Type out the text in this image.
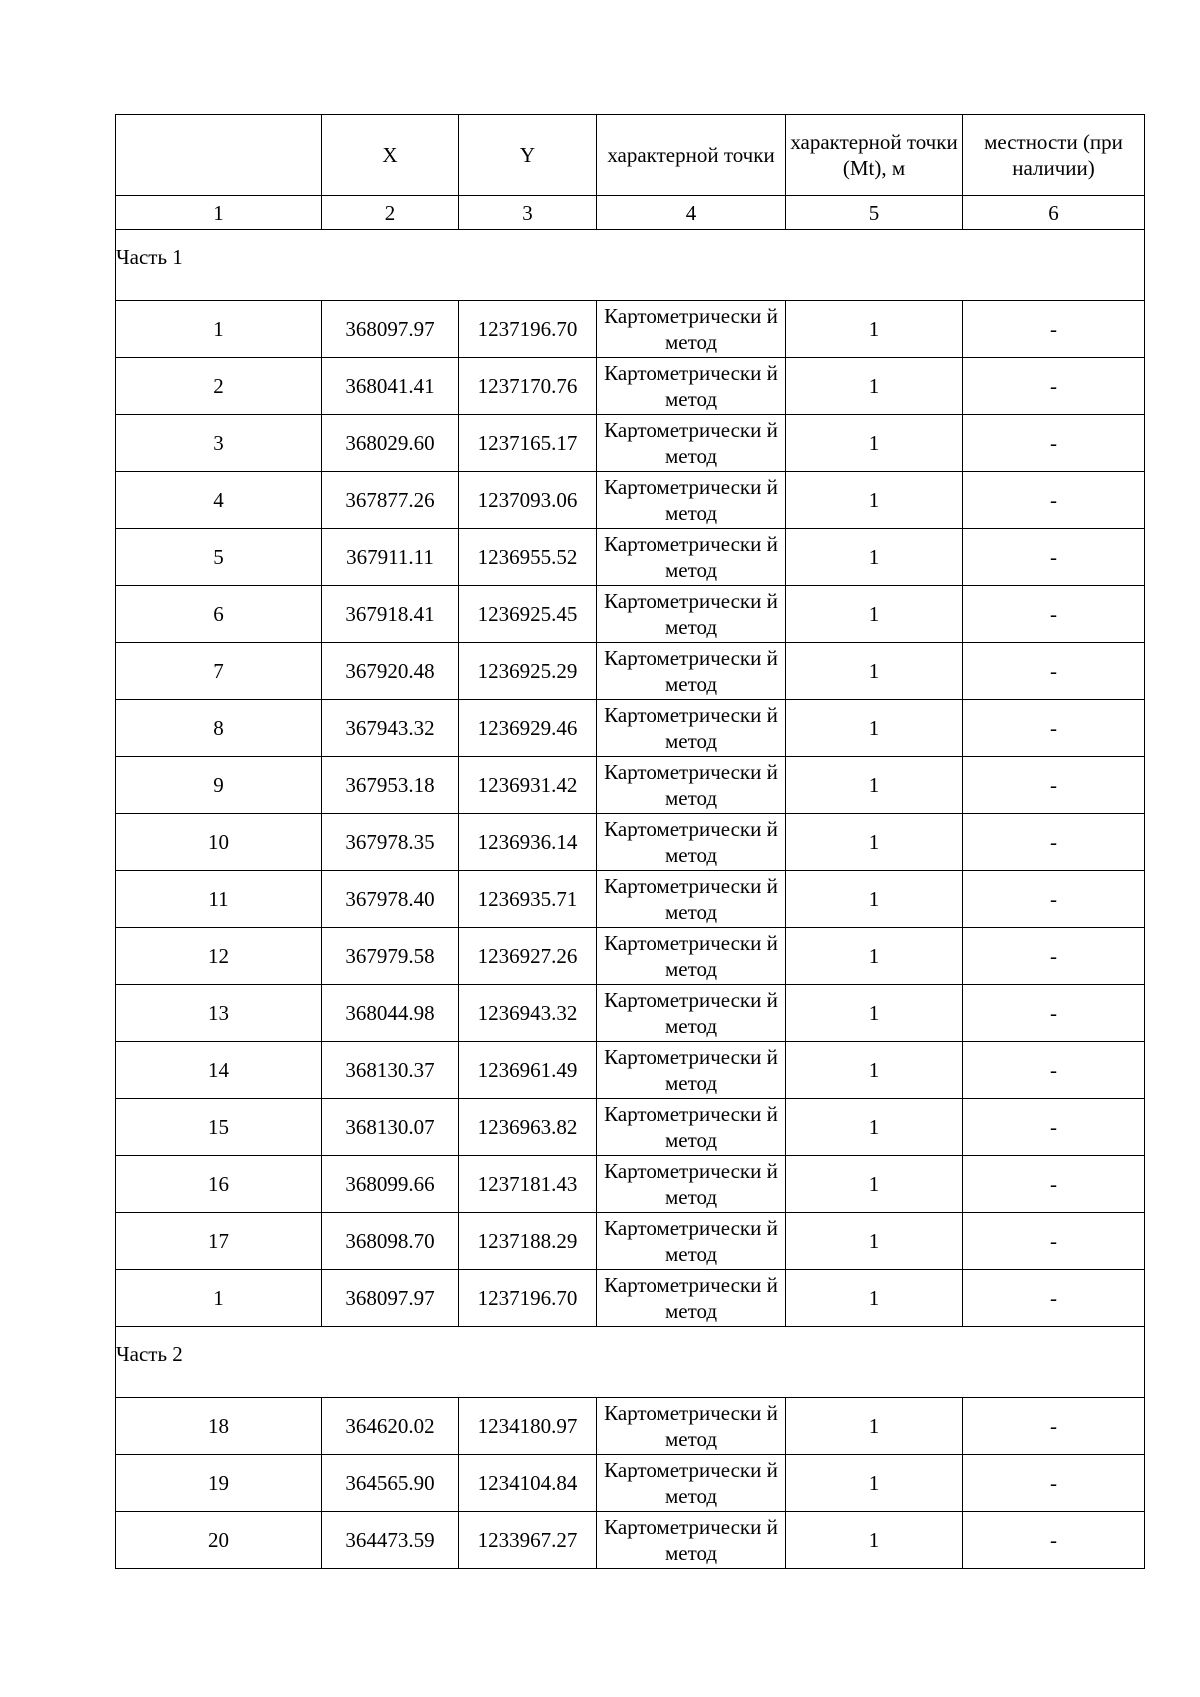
	X	Y	характерной точки	характерной точки (Mt), м	местности (при наличии)
1	2	3	4	5	6
Часть 1					
1	368097.97	1237196.70	Картометрически й метод	1	-
2	368041.41	1237170.76	Картометрически й метод	1	-
3	368029.60	1237165.17	Картометрически й метод	1	-
4	367877.26	1237093.06	Картометрически й метод	1	-
5	367911.11	1236955.52	Картометрически й метод	1	-
6	367918.41	1236925.45	Картометрически й метод	1	-
7	367920.48	1236925.29	Картометрически й метод	1	-
8	367943.32	1236929.46	Картометрически й метод	1	-
9	367953.18	1236931.42	Картометрически й метод	1	-
10	367978.35	1236936.14	Картометрически й метод	1	-
11	367978.40	1236935.71	Картометрически й метод	1	-
12	367979.58	1236927.26	Картометрически й метод	1	-
13	368044.98	1236943.32	Картометрически й метод	1	-
14	368130.37	1236961.49	Картометрически й метод	1	-
15	368130.07	1236963.82	Картометрически й метод	1	-
16	368099.66	1237181.43	Картометрически й метод	1	-
17	368098.70	1237188.29	Картометрически й метод	1	-
1	368097.97	1237196.70	Картометрически й метод	1	-
Часть 2					
18	364620.02	1234180.97	Картометрически й метод	1	-
19	364565.90	1234104.84	Картометрически й метод	1	-
20	364473.59	1233967.27	Картометрически й метод	1	-
